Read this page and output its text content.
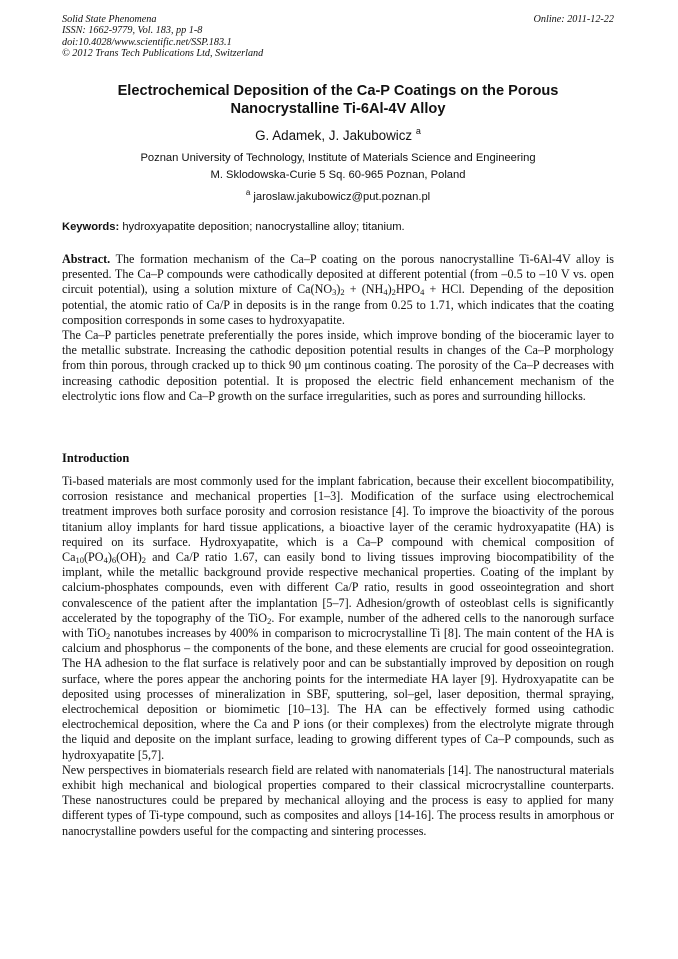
Solid State Phenomena
ISSN: 1662-9779, Vol. 183, pp 1-8
doi:10.4028/www.scientific.net/SSP.183.1
© 2012 Trans Tech Publications Ltd, Switzerland
Online: 2011-12-22
Electrochemical Deposition of the Ca-P Coatings on the Porous
Nanocrystalline Ti-6Al-4V Alloy
G. Adamek, J. Jakubowicz $^a$
Poznan University of Technology, Institute of Materials Science and Engineering
M. Sklodowska-Curie 5 Sq. 60-965 Poznan, Poland
$^a$ jaroslaw.jakubowicz@put.poznan.pl
Keywords: hydroxyapatite deposition; nanocrystalline alloy; titanium.

Abstract. The formation mechanism of the Ca–P coating on the porous nanocrystalline Ti-6Al-4V alloy is presented. The Ca–P compounds were cathodically deposited at different potential (from –0.5 to –10 V vs. open circuit potential), using a solution mixture of $Ca(NO_3)_2 + (NH_4)_2HPO_4$ + HCl. Depending of the deposition potential, the atomic ratio of Ca/P in deposits is in the range from 0.25 to 1.71, which indicates that the coating composition corresponds in some cases to hydroxyapatite.

The Ca–P particles penetrate preferentially the pores inside, which improve bonding of the bioceramic layer to the metallic substrate. Increasing the cathodic deposition potential results in changes of the Ca–P morphology from thin porous, through cracked up to thick 90 μm continous coating. The porosity of the Ca–P decreases with increasing cathodic deposition potential. It is proposed the electric field enhancement mechanism of the electrolytic ions flow and Ca–P growth on the surface irregularities, such as pores and surrounding hillocks.

Introduction

Ti-based materials are most commonly used for the implant fabrication, because their excellent biocompatibility, corrosion resistance and mechanical properties [1–3]. Modification of the surface using electrochemical treatment improves both surface porosity and corrosion resistance [4]. To improve the bioactivity of the porous titanium alloy implants for hard tissue applications, a bioactive layer of the ceramic hydroxyapatite (HA) is required on its surface. Hydroxyapatite, which is a Ca–P compound with chemical composition of $Ca_{10}(PO_4)_6(OH)_2$ and Ca/P ratio 1.67, can easily bond to living tissues improving biocompatibility of the implant, while the metallic background provide respective mechanical properties. Coating of the implant by calcium-phosphates compounds, even with different Ca/P ratio, results in good osseointegration and short convalescence of the patient after the implantation [5–7]. Adhesion/growth of osteoblast cells is significantly accelerated by the topography of the TiO$_2$. For example, number of the adhered cells to the nanorough surface with TiO$_2$ nanotubes increases by 400% in comparison to microcrystalline Ti [8]. The main content of the HA is calcium and phosphorus – the components of the bone, and these elements are crucial for good osseointegration. The HA adhesion to the flat surface is relatively poor and can be substantially improved by deposition on rough surface, where the pores appear the anchoring points for the intermediate HA layer [9]. Hydroxyapatite can be deposited using processes of mineralization in SBF, sputtering, sol–gel, laser deposition, thermal spraying, electrochemical deposition or biomimetic [10–13]. The HA can be effectively formed using cathodic electrochemical deposition, where the Ca and P ions (or their complexes) from the electrolyte migrate through the liquid and deposite on the implant surface, leading to growing different types of Ca–P compounds, such as hydroxyapatite [5,7].

New perspectives in biomaterials research field are related with nanomaterials [14]. The nanostructural materials exhibit high mechanical and biological properties compared to their classical microcrystalline counterparts. These nanostructures could be prepared by mechanical alloying and the process is easy to applied for many different types of Ti-type compound, such as composites and alloys [14-16]. The process results in amorphous or nanocrystalline powders useful for the compacting and sintering processes.
